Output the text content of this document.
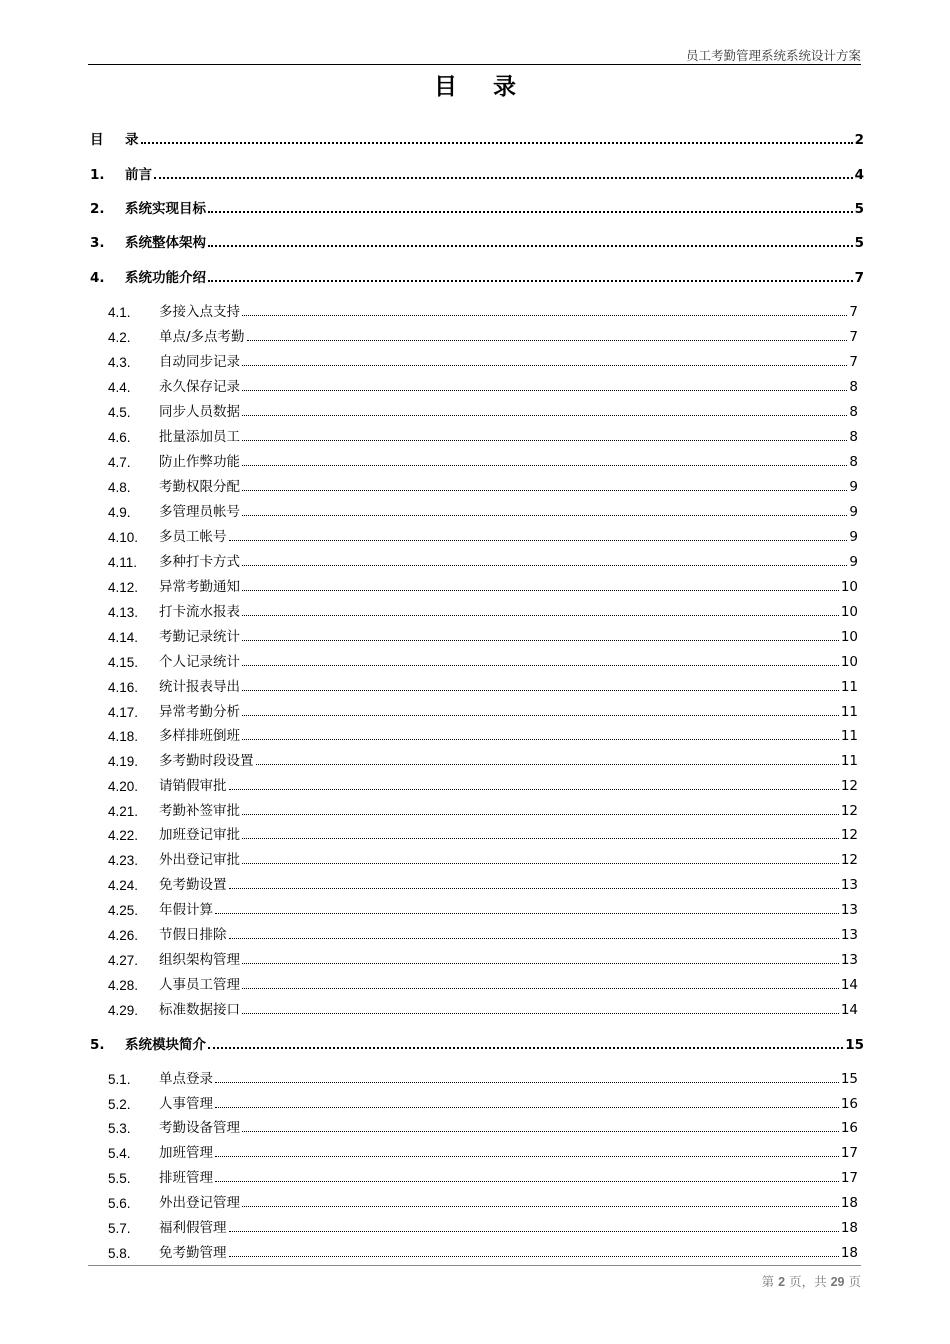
员工考勤管理系统系统设计方案
目录
目	录	2
1.	前言	4
2.	系统实现目标	5
3.	系统整体架构	5
4.	系统功能介绍	7
4.1.	多接入点支持	7
4.2.	单点/多点考勤	7
4.3.	自动同步记录	7
4.4.	永久保存记录	8
4.5.	同步人员数据	8
4.6.	批量添加员工	8
4.7.	防止作弊功能	8
4.8.	考勤权限分配	9
4.9.	多管理员帐号	9
4.10.	多员工帐号	9
4.11.	多种打卡方式	9
4.12.	异常考勤通知	10
4.13.	打卡流水报表	10
4.14.	考勤记录统计	10
4.15.	个人记录统计	10
4.16.	统计报表导出	11
4.17.	异常考勤分析	11
4.18.	多样排班倒班	11
4.19.	多考勤时段设置	11
4.20.	请销假审批	12
4.21.	考勤补签审批	12
4.22.	加班登记审批	12
4.23.	外出登记审批	12
4.24.	免考勤设置	13
4.25.	年假计算	13
4.26.	节假日排除	13
4.27.	组织架构管理	13
4.28.	人事员工管理	14
4.29.	标准数据接口	14
5.	系统模块简介	15
5.1.	单点登录	15
5.2.	人事管理	16
5.3.	考勤设备管理	16
5.4.	加班管理	17
5.5.	排班管理	17
5.6.	外出登记管理	18
5.7.	福利假管理	18
5.8.	免考勤管理	18
第 2 页，共 29 页
